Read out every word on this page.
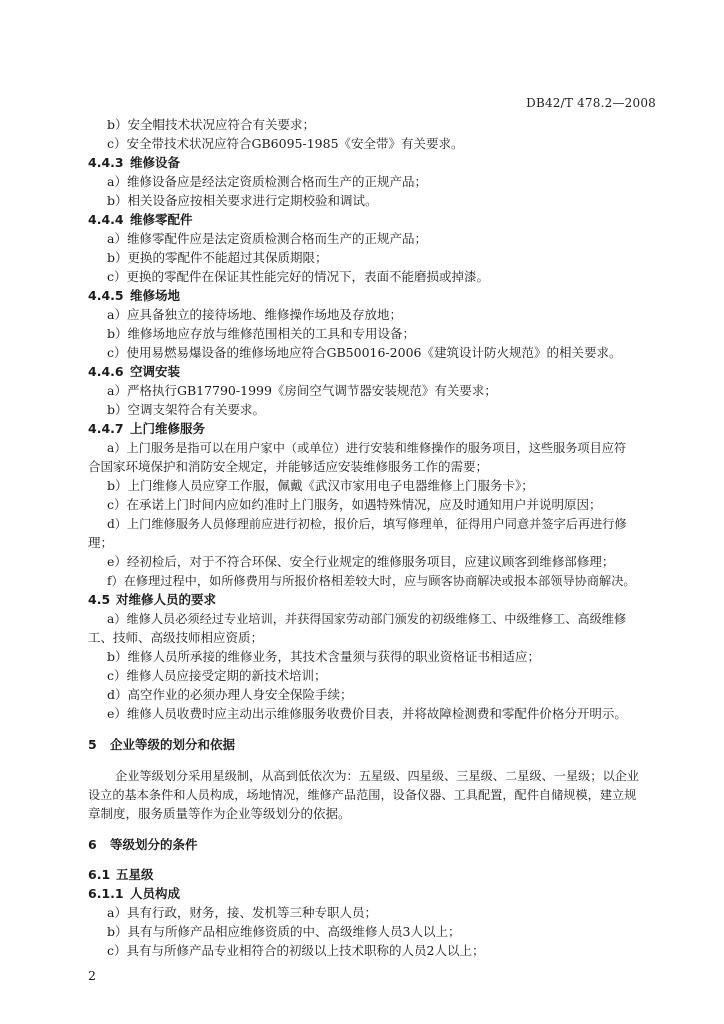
DB42/T 478.2—2008
b）安全帽技术状况应符合有关要求；
c）安全带技术状况应符合GB6095-1985《安全带》有关要求。
4.4.3 维修设备
a）维修设备应是经法定资质检测合格而生产的正规产品；
b）相关设备应按相关要求进行定期校验和调试。
4.4.4 维修零配件
a）维修零配件应是法定资质检测合格而生产的正规产品；
b）更换的零配件不能超过其保质期限；
c）更换的零配件在保证其性能完好的情况下，表面不能磨损或掉漆。
4.4.5 维修场地
a）应具备独立的接待场地、维修操作场地及存放地；
b）维修场地应存放与维修范围相关的工具和专用设备；
c）使用易燃易爆设备的维修场地应符合GB50016-2006《建筑设计防火规范》的相关要求。
4.4.6 空调安装
a）严格执行GB17790-1999《房间空气调节器安装规范》有关要求；
b）空调支架符合有关要求。
4.4.7 上门维修服务
a）上门服务是指可以在用户家中（或单位）进行安装和维修操作的服务项目，这些服务项目应符
合国家环境保护和消防安全规定，并能够适应安装维修服务工作的需要；
b）上门维修人员应穿工作服，佩戴《武汉市家用电子电器维修上门服务卡》；
c）在承诺上门时间内应如约准时上门服务，如遇特殊情况，应及时通知用户并说明原因；
d）上门维修服务人员修理前应进行初检，报价后，填写修理单，征得用户同意并签字后再进行修
理；
e）经初检后，对于不符合环保、安全行业规定的维修服务项目，应建议顾客到维修部修理；
f）在修理过程中，如所修费用与所报价格相差较大时，应与顾客协商解决或报本部领导协商解决。
4.5 对维修人员的要求
a）维修人员必须经过专业培训，并获得国家劳动部门颁发的初级维修工、中级维修工、高级维修
工、技师、高级技师相应资质；
b）维修人员所承接的维修业务，其技术含量须与获得的职业资格证书相适应；
c）维修人员应接受定期的新技术培训；
d）高空作业的必须办理人身安全保险手续；
e）维修人员收费时应主动出示维修服务收费价目表，并将故障检测费和零配件价格分开明示。
5 企业等级的划分和依据
企业等级划分采用星级制，从高到低依次为：五星级、四星级、三星级、二星级、一星级；以企业
设立的基本条件和人员构成，场地情况，维修产品范围，设备仪器、工具配置，配件自储规模，建立规
章制度，服务质量等作为企业等级划分的依据。
6 等级划分的条件
6.1 五星级
6.1.1 人员构成
a）具有行政，财务，接、发机等三种专职人员；
b）具有与所修产品相应维修资质的中、高级维修人员3人以上；
c）具有与所修产品专业相符合的初级以上技术职称的人员2人以上；
2
